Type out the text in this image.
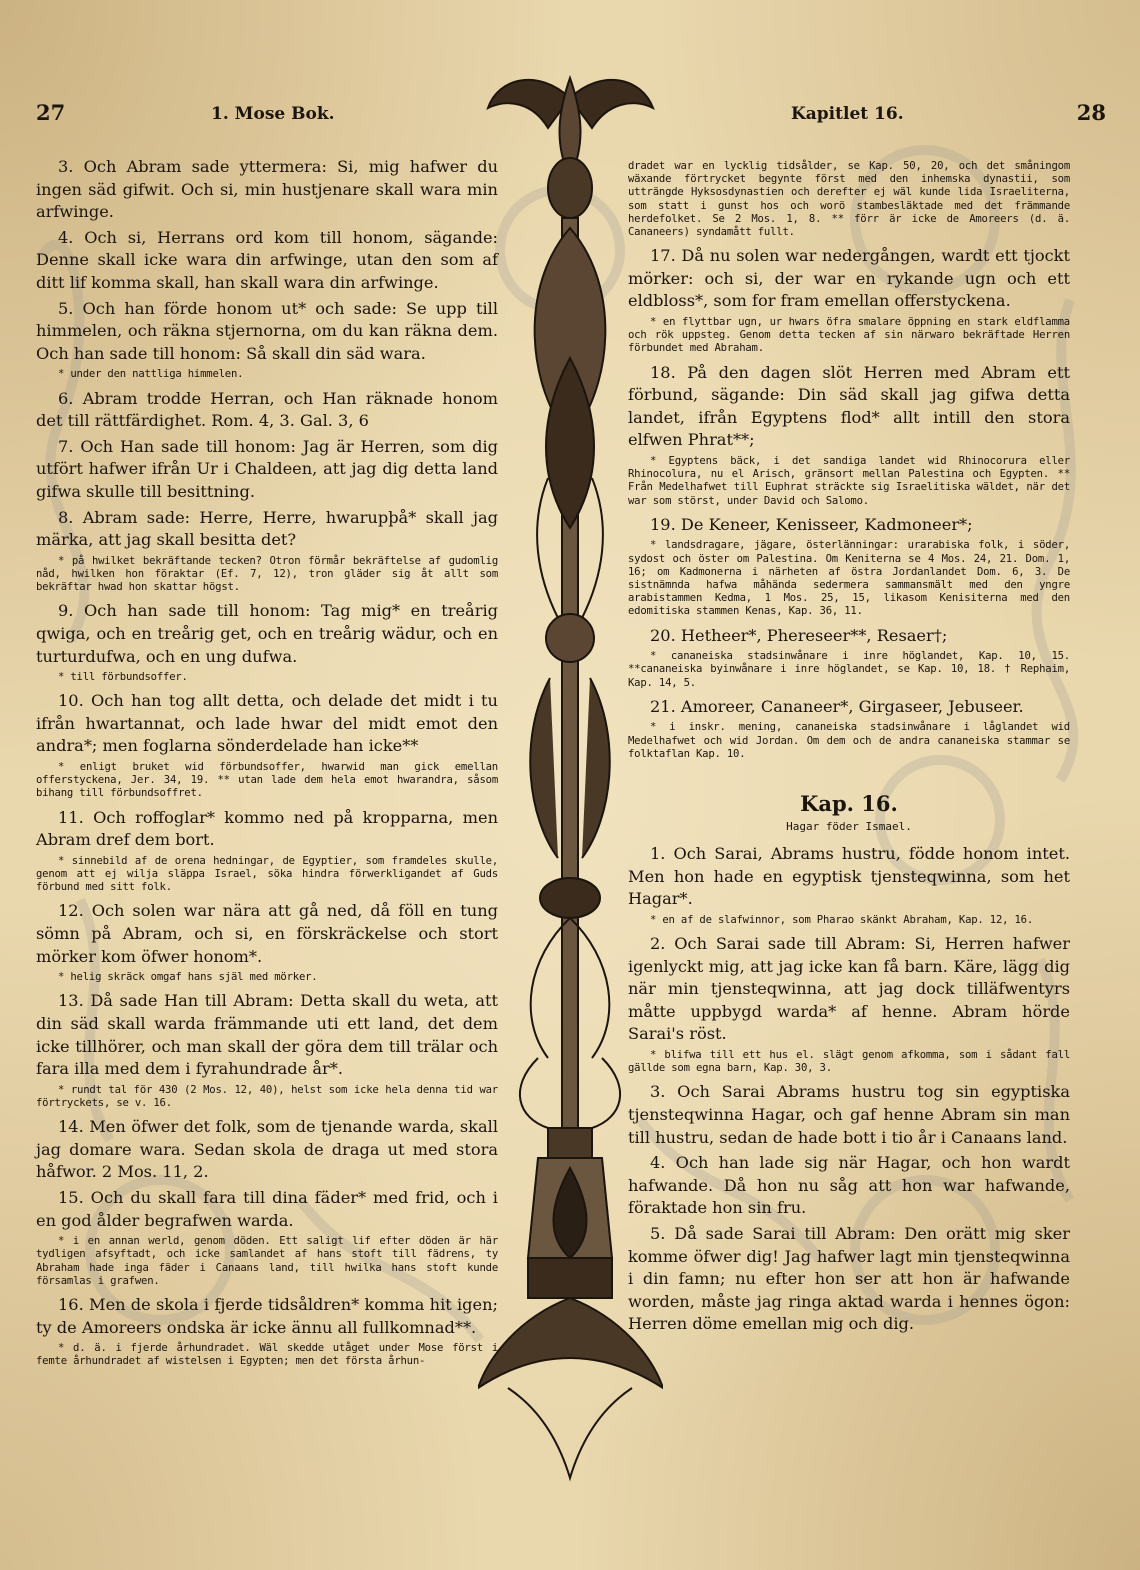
27	1. Mose Bok.	Kapitlet 16.	28

3. Och Abram sade yttermera: Si, mig hafwer du ingen säd gifwit. Och si, min hustjenare skall wara min arfwinge.

4. Och si, Herrans ord kom till honom, sägande: Denne skall icke wara din arfwinge, utan den som af ditt lif komma skall, han skall wara din arfwinge.

5. Och han förde honom ut* och sade: Se upp till himmelen, och räkna stjernorna, om du kan räkna dem. Och han sade till honom: Så skall din säd wara.

* under den nattliga himmelen.

6. Abram trodde Herran, och Han räknade honom det till rättfärdighet. Rom. 4, 3. Gal. 3, 6

7. Och Han sade till honom: Jag är Herren, som dig utfört hafwer ifrån Ur i Chaldeen, att jag dig detta land gifwa skulle till besittning.

8. Abram sade: Herre, Herre, hwarupþå* skall jag märka, att jag skall besitta det?

* på hwilket bekräftande tecken? Otron förmår bekräftelse af gudomlig nåd, hwilken hon föraktar (Ef. 7, 12), tron gläder sig åt allt som bekräftar hwad hon skattar högst.

9. Och han sade till honom: Tag mig* en treårig qwiga, och en treårig get, och en treårig wädur, och en turturdufwa, och en ung dufwa.

* till förbundsoffer.

10. Och han tog allt detta, och delade det midt i tu ifrån hwartannat, och lade hwar del midt emot den andra*; men foglarna sönderdelade han icke**

* enligt bruket wid förbundsoffer, hwarwid man gick emellan offerstyckena, Jer. 34, 19. ** utan lade dem hela emot hwarandra, såsom bihang till förbundsoffret.

11. Och roffoglar* kommo ned på kropparna, men Abram dref dem bort.

* sinnebild af de orena hedningar, de Egyptier, som framdeles skulle, genom att ej wilja släppa Israel, söka hindra förwerkligandet af Guds förbund med sitt folk.

12. Och solen war nära att gå ned, då föll en tung sömn på Abram, och si, en förskräckelse och stort mörker kom öfwer honom*.

* helig skräck omgaf hans själ med mörker.

13. Då sade Han till Abram: Detta skall du weta, att din säd skall warda främmande uti ett land, det dem icke tillhörer, och man skall der göra dem till trälar och fara illa med dem i fyrahundrade år*.

* rundt tal för 430 (2 Mos. 12, 40), helst som icke hela denna tid war förtryckets, se v. 16.

14. Men öfwer det folk, som de tjenande warda, skall jag domare wara. Sedan skola de draga ut med stora håfwor. 2 Mos. 11, 2.

15. Och du skall fara till dina fäder* med frid, och i en god ålder begrafwen warda.

* i en annan werld, genom döden. Ett saligt lif efter döden är här tydligen afsyftadt, och icke samlandet af hans stoft till fädrens, ty Abraham hade inga fäder i Canaans land, till hwilka hans stoft kunde församlas i grafwen.

16. Men de skola i fjerde tidsåldren* komma hit igen; ty de Amoreers ondska är icke ännu all fullkomnad**.

* d. ä. i fjerde århundradet. Wäl skedde utåget under Mose först i femte århundradet af wistelsen i Egypten; men det första århun-

dradet war en lycklig tidsålder, se Kap. 50, 20, och det småningom wäxande förtrycket begynte först med den inhemska dynastii, som utträngde Hyksosdynastien och derefter ej wäl kunde lida Israeliterna, som statt i gunst hos och worö stambesläktade med det främmande herdefolket. Se 2 Mos. 1, 8. ** förr är icke de Amoreers (d. ä. Cananeers) syndamått fullt.

17. Då nu solen war nedergången, wardt ett tjockt mörker: och si, der war en rykande ugn och ett eldbloss*, som for fram emellan offerstyckena.

* en flyttbar ugn, ur hwars öfra smalare öppning en stark eldflamma och rök uppsteg. Genom detta tecken af sin närwaro bekräftade Herren förbundet med Abraham.

18. På den dagen slöt Herren med Abram ett förbund, sägande: Din säd skall jag gifwa detta landet, ifrån Egyptens flod* allt intill den stora elfwen Phrat**;

* Egyptens bäck, i det sandiga landet wid Rhinocorura eller Rhinocolura, nu el Arisch, gränsort mellan Palestina och Egypten. ** Från Medelhafwet till Euphrat sträckte sig Israelitiska wäldet, när det war som störst, under David och Salomo.

19. De Keneer, Kenisseer, Kadmoneer*;

* landsdragare, jägare, österlänningar: urarabiska folk, i söder, sydost och öster om Palestina. Om Keniterna se 4 Mos. 24, 21. Dom. 1, 16; om Kadmonerna i närheten af östra Jordanlandet Dom. 6, 3. De sistnämnda hafwa måhända sedermera sammansmält med den yngre arabistammen Kedma, 1 Mos. 25, 15, likasom Kenisiterna med den edomitiska stammen Kenas, Kap. 36, 11.

20. Hetheer*, Phereseer**, Resaer†;

* cananeiska stadsinwånare i inre höglandet, Kap. 10, 15. **cananeiska byinwånare i inre höglandet, se Kap. 10, 18. † Rephaim, Kap. 14, 5.

21. Amoreer, Cananeer*, Girgaseer, Jebuseer.

* i inskr. mening, cananeiska stadsinwånare i låglandet wid Medelhafwet och wid Jordan. Om dem och de andra cananeiska stammar se folktaflan Kap. 10.

Kap. 16.

Hagar föder Ismael.

1. Och Sarai, Abrams hustru, födde honom intet. Men hon hade en egyptisk tjensteqwinna, som het Hagar*.

* en af de slafwinnor, som Pharao skänkt Abraham, Kap. 12, 16.

2. Och Sarai sade till Abram: Si, Herren hafwer igenlyckt mig, att jag icke kan få barn. Käre, lägg dig när min tjensteqwinna, att jag dock tilläfwentyrs måtte uppbygd warda* af henne. Abram hörde Sarai's röst.

* blifwa till ett hus el. slägt genom afkomma, som i sådant fall gällde som egna barn, Kap. 30, 3.

3. Och Sarai Abrams hustru tog sin egyptiska tjensteqwinna Hagar, och gaf henne Abram sin man till hustru, sedan de hade bott i tio år i Canaans land.

4. Och han lade sig när Hagar, och hon wardt hafwande. Då hon nu såg att hon war hafwande, föraktade hon sin fru.

5. Då sade Sarai till Abram: Den orätt mig sker komme öfwer dig! Jag hafwer lagt min tjensteqwinna i din famn; nu efter hon ser att hon är hafwande worden, måste jag ringa aktad warda i hennes ögon: Herren döme emellan mig och dig.
